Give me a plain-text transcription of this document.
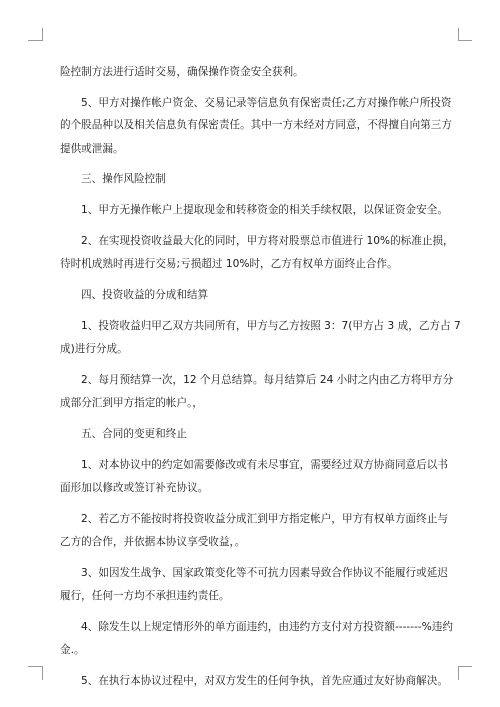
险控制方法进行适时交易，确保操作资金安全获利。
5、甲方对操作帐户资金、交易记录等信息负有保密责任;乙方对操作帐户所投资
的个股品种以及相关信息负有保密责任。其中一方未经对方同意，不得擅自向第三方
提供或泄漏。
三、操作风险控制
1、甲方无操作帐户上提取现金和转移资金的相关手续权限，以保证资金安全。
2、在实现投资收益最大化的同时，甲方将对股票总市值进行 10%的标准止损，
待时机成熟时再进行交易;亏损超过 10%时，乙方有权单方面终止合作。
四、投资收益的分成和结算
1、投资收益归甲乙双方共同所有，甲方与乙方按照 3：7(甲方占 3 成，乙方占 7
成)进行分成。
2、每月预结算一次，12 个月总结算。每月结算后 24 小时之内由乙方将甲方分
成部分汇到甲方指定的帐户。，
五、合同的变更和终止
1、对本协议中的约定如需要修改或有未尽事宜，需要经过双方协商同意后以书
面形加以修改或签订补充协议。
2、若乙方不能按时将投资收益分成汇到甲方指定帐户，甲方有权单方面终止与
乙方的合作，并依据本协议享受收益，。
3、如因发生战争、国家政策变化等不可抗力因素导致合作协议不能履行或延迟
履行，任何一方均不承担违约责任。
4、除发生以上规定情形外的单方面违约，由违约方支付对方投资额-------%违约
金.。
5、在执行本协议过程中，对双方发生的任何争执，首先应通过友好协商解决。
